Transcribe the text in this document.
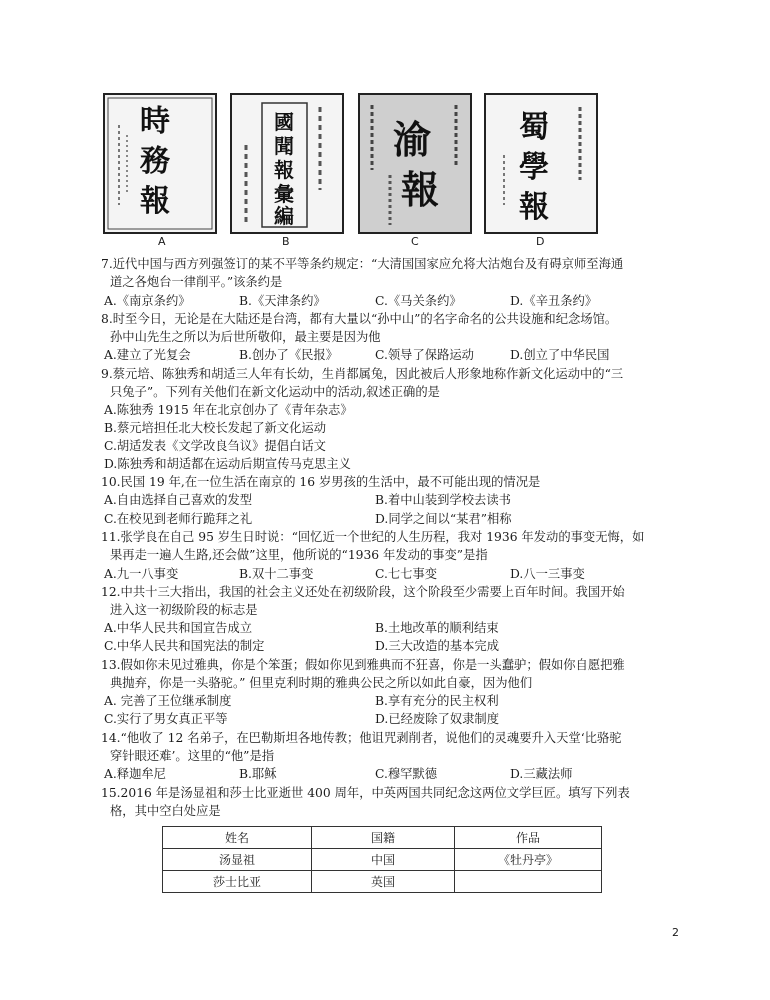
時
務
報
A
國
聞
報
彙
編
B
渝
報
C
蜀
學
報
D
7.近代中国与西方列强签订的某不平等条约规定：“大清国国家应允将大沽炮台及有碍京师至海通
道之各炮台一律削平。”该条约是
A.《南京条约》	B.《天津条约》	C.《马关条约》	D.《辛丑条约》
8.时至今日，无论是在大陆还是台湾，都有大量以“孙中山”的名字命名的公共设施和纪念场馆。
孙中山先生之所以为后世所敬仰，最主要是因为他
A.建立了光复会	B.创办了《民报》	C.领导了保路运动	D.创立了中华民国
9.蔡元培、陈独秀和胡适三人年有长幼，生肖都属兔，因此被后人形象地称作新文化运动中的“三
只兔子”。下列有关他们在新文化运动中的活动,叙述正确的是
A.陈独秀 1915 年在北京创办了《青年杂志》
B.蔡元培担任北大校长发起了新文化运动
C.胡适发表《文学改良刍议》提倡白话文
D.陈独秀和胡适都在运动后期宣传马克思主义
10.民国 19 年,在一位生活在南京的 16 岁男孩的生活中，最不可能出现的情况是
A.自由选择自己喜欢的发型	B.着中山装到学校去读书
C.在校见到老师行跪拜之礼	D.同学之间以“某君”相称
11.张学良在自己 95 岁生日时说：“回忆近一个世纪的人生历程，我对 1936 年发动的事变无悔，如
果再走一遍人生路,还会做”这里，他所说的“1936 年发动的事变”是指
A.九一八事变	B.双十二事变	C.七七事变	D.八一三事变
12.中共十三大指出，我国的社会主义还处在初级阶段，这个阶段至少需要上百年时间。我国开始
进入这一初级阶段的标志是
A.中华人民共和国宣告成立	B.土地改革的顺利结束
C.中华人民共和国宪法的制定	D.三大改造的基本完成
13.假如你未见过雅典，你是个笨蛋；假如你见到雅典而不狂喜，你是一头蠢驴；假如你自愿把雅
典抛弃，你是一头骆驼。” 但里克利时期的雅典公民之所以如此自豪，因为他们
A. 完善了王位继承制度	B.享有充分的民主权利
C.实行了男女真正平等	D.已经废除了奴隶制度
14.“他收了 12 名弟子，在巴勒斯坦各地传教；他诅咒剥削者，说他们的灵魂要升入天堂‘比骆驼
穿针眼还难’。这里的“他”是指
A.释迦牟尼	B.耶稣	C.穆罕默德	D.三藏法师
15.2016 年是汤显祖和莎士比亚逝世 400 周年，中英两国共同纪念这两位文学巨匠。填写下列表
格，其中空白处应是
姓名	国籍	作品
汤显祖	中国	《牡丹亭》
莎士比亚	英国	
2
